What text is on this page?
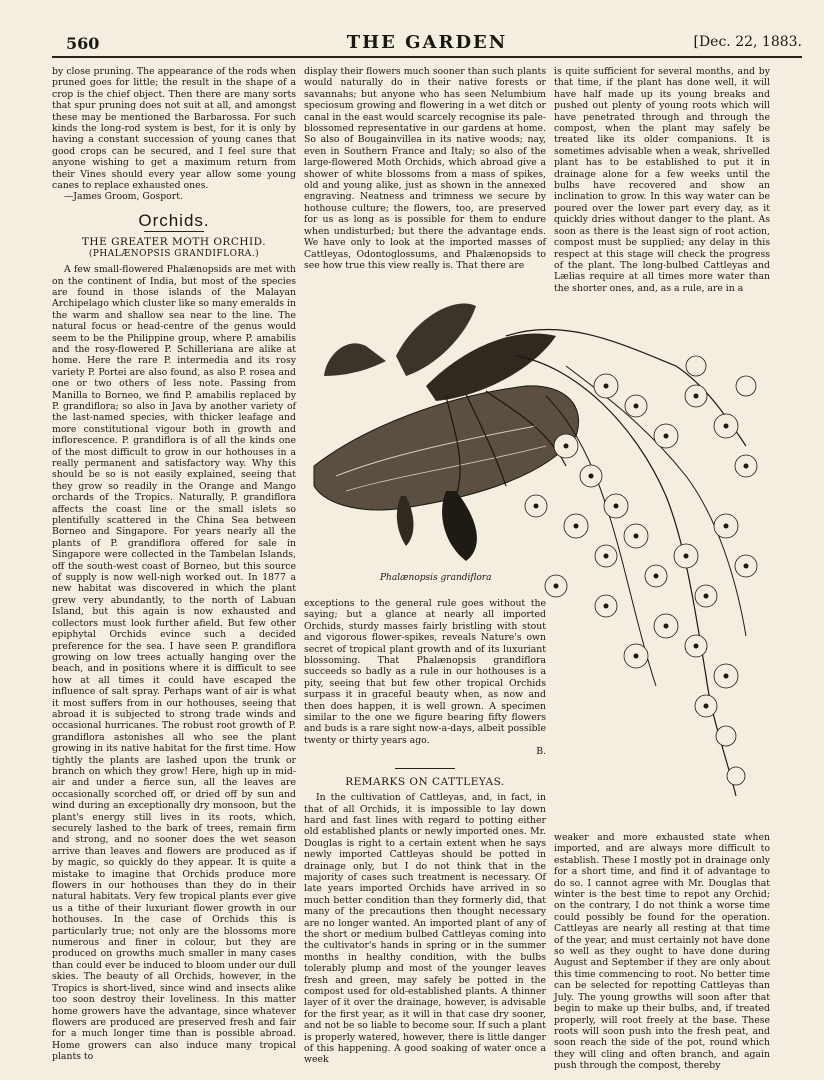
560	THE GARDEN	[Dec. 22, 1883.

by close pruning. The appearance of the rods when pruned goes for little; the result in the shape of a crop is the chief object. Then there are many sorts that spur pruning does not suit at all, and amongst these may be mentioned the Barbarossa. For such kinds the long-rod system is best, for it is only by having a constant succession of young canes that good crops can be secured, and I feel sure that anyone wishing to get a maximum return from their Vines should every year allow some young canes to replace exhausted ones.

—James Groom, Gosport.
Orchids.
THE GREATER MOTH ORCHID.
(PHALÆNOPSIS GRANDIFLORA.)

A few small-flowered Phalænopsids are met with on the continent of India, but most of the species are found in those islands of the Malayan Archipelago which cluster like so many emeralds in the warm and shallow sea near to the line. The natural focus or head-centre of the genus would seem to be the Philippine group, where P. amabilis and the rosy-flowered P. Schilleriana are alike at home. Here the rare P. intermedia and its rosy variety P. Portei are also found, as also P. rosea and one or two others of less note. Passing from Manilla to Borneo, we find P. amabilis replaced by P. grandiflora; so also in Java by another variety of the last-named species, with thicker leafage and more constitutional vigour both in growth and inflorescence. P. grandiflora is of all the kinds one of the most difficult to grow in our hothouses in a really permanent and satisfactory way. Why this should be so is not easily explained, seeing that they grow so readily in the Orange and Mango orchards of the Tropics. Naturally, P. grandiflora affects the coast line or the small islets so plentifully scattered in the China Sea between Borneo and Singapore. For years nearly all the plants of P. grandiflora offered for sale in Singapore were collected in the Tambelan Islands, off the south-west coast of Borneo, but this source of supply is now well-nigh worked out. In 1877 a new habitat was discovered in which the plant grew very abundantly, to the north of Labuan Island, but this again is now exhausted and collectors must look further afield. But few other epiphytal Orchids evince such a decided preference for the sea. I have seen P. grandiflora growing on low trees actually hanging over the beach, and in positions where it is difficult to see how at all times it could have escaped the influence of salt spray. Perhaps want of air is what it most suffers from in our hothouses, seeing that abroad it is subjected to strong trade winds and occasional hurricanes. The robust root growth of P. grandiflora astonishes all who see the plant growing in its native habitat for the first time. How tightly the plants are lashed upon the trunk or branch on which they grow! Here, high up in mid-air and under a fierce sun, all the leaves are occasionally scorched off, or dried off by sun and wind during an exceptionally dry monsoon, but the plant's energy still lives in its roots, which, securely lashed to the bark of trees, remain firm and strong, and no sooner does the wet season arrive than leaves and flowers are produced as if by magic, so quickly do they appear. It is quite a mistake to imagine that Orchids produce more flowers in our hothouses than they do in their natural habitats. Very few tropical plants ever give us a tithe of their luxuriant flower growth in our hothouses. In the case of Orchids this is particularly true; not only are the blossoms more numerous and finer in colour, but they are produced on growths much smaller in many cases than could ever be induced to bloom under our dull skies. The beauty of all Orchids, however, in the Tropics is short-lived, since wind and insects alike too soon destroy their loveliness. In this matter home growers have the advantage, since whatever flowers are produced are preserved fresh and fair for a much longer time than is possible abroad. Home growers can also induce many tropical plants to

display their flowers much sooner than such plants would naturally do in their native forests or savannahs; but anyone who has seen Nelumbium speciosum growing and flowering in a wet ditch or canal in the east would scarcely recognise its pale-blossomed representative in our gardens at home. So also of Bougainvillea in its native woods; nay, even in Southern France and Italy; so also of the large-flowered Moth Orchids, which abroad give a shower of white blossoms from a mass of spikes, old and young alike, just as shown in the annexed engraving. Neatness and trimness we secure by hothouse culture; the flowers, too, are preserved for us as long as is possible for them to endure when undisturbed; but there the advantage ends. We have only to look at the imported masses of Cattleyas, Odontoglossums, and Phalænopsids to see how true this view really is. That there are

is quite sufficient for several months, and by that time, if the plant has done well, it will have half made up its young breaks and pushed out plenty of young roots which will have penetrated through and through the compost, when the plant may safely be treated like its older companions. It is sometimes advisable when a weak, shrivelled plant has to be established to put it in drainage alone for a few weeks until the bulbs have recovered and show an inclination to grow. In this way water can be poured over the lower part every day, as it quickly dries without danger to the plant. As soon as there is the least sign of root action, compost must be supplied; any delay in this respect at this stage will check the progress of the plant. The long-bulbed Cattleyas and Lælias require at all times more water than the shorter ones, and, as a rule, are in a

Phalænopsis grandiflora

exceptions to the general rule goes without the saying; but a glance at nearly all imported Orchids, sturdy masses fairly bristling with stout and vigorous flower-spikes, reveals Nature's own secret of tropical plant growth and of its luxuriant blossoming. That Phalænopsis grandiflora succeeds so badly as a rule in our hothouses is a pity, seeing that but few other tropical Orchids surpass it in graceful beauty when, as now and then does happen, it is well grown. A specimen similar to the one we figure bearing fifty flowers and buds is a rare sight now-a-days, albeit possible twenty or thirty years ago.

B.
REMARKS ON CATTLEYAS.

In the cultivation of Cattleyas, and, in fact, in that of all Orchids, it is impossible to lay down hard and fast lines with regard to potting either old established plants or newly imported ones. Mr. Douglas is right to a certain extent when he says newly imported Cattleyas should be potted in drainage only, but I do not think that in the majority of cases such treatment is necessary. Of late years imported Orchids have arrived in so much better condition than they formerly did, that many of the precautions then thought necessary are no longer wanted. An imported plant of any of the short or medium bulbed Cattleyas coming into the cultivator's hands in spring or in the summer months in healthy condition, with the bulbs tolerably plump and most of the younger leaves fresh and green, may safely be potted in the compost used for old-established plants. A thinner layer of it over the drainage, however, is advisable for the first year, as it will in that case dry sooner, and not be so liable to become sour. If such a plant is properly watered, however, there is little danger of this happening. A good soaking of water once a week

weaker and more exhausted state when imported, and are always more difficult to establish. These I mostly pot in drainage only for a short time, and find it of advantage to do so. I cannot agree with Mr. Douglas that winter is the best time to repot any Orchid; on the contrary, I do not think a worse time could possibly be found for the operation. Cattleyas are nearly all resting at that time of the year, and must certainly not have done so well as they ought to have done during August and September if they are only about this time commencing to root. No better time can be selected for repotting Cattleyas than July. The young growths will soon after that begin to make up their bulbs, and, if treated properly, will root freely at the base. These roots will soon push into the fresh peat, and soon reach the side of the pot, round which they will cling and often branch, and again push through the compost, thereby
